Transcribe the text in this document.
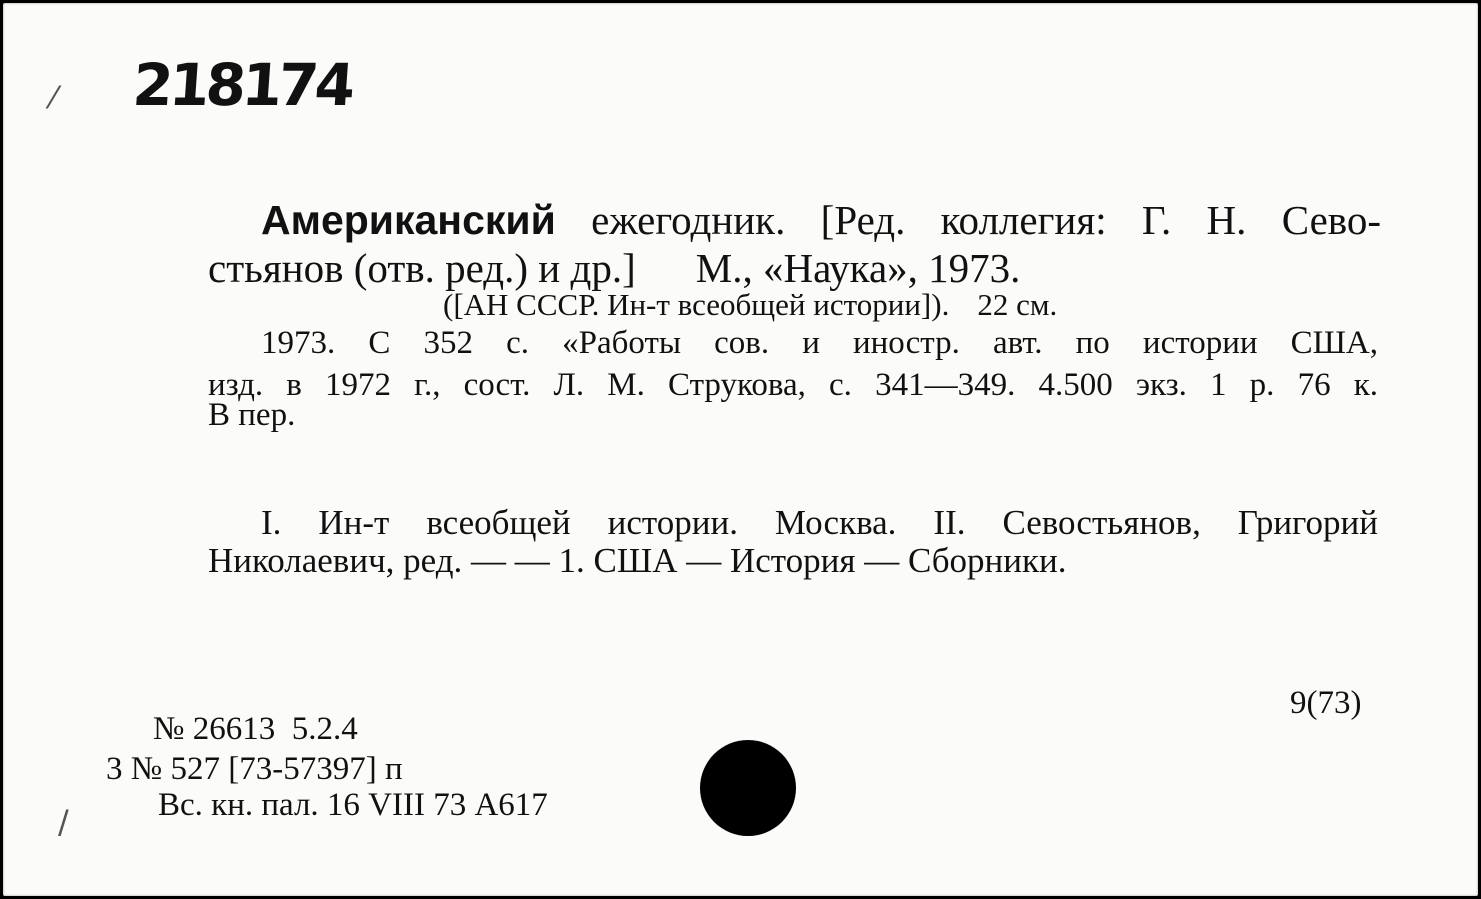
⁄ 218174
Американский ежегодник. [Ред. коллегия: Г. Н. Сево-
стьянов (отв. ред.) и др.] М., «Наука», 1973.
([АН СССР. Ин-т всеобщей истории]). 22 см.
1973. С 352 с. «Работы сов. и иностр. авт. по истории США,
изд. в 1972 г., сост. Л. М. Струкова, с. 341—349. 4.500 экз. 1 р. 76 к.
В пер.
I. Ин-т всеобщей истории. Москва. II. Севостьянов, Григорий
Николаевич, ред. — — 1. США — История — Сборники.
9(73)
№ 26613  5.2.4
3 № 527 [73-57397] п
/	Вс. кн. пал. 16 VIII 73 А617
